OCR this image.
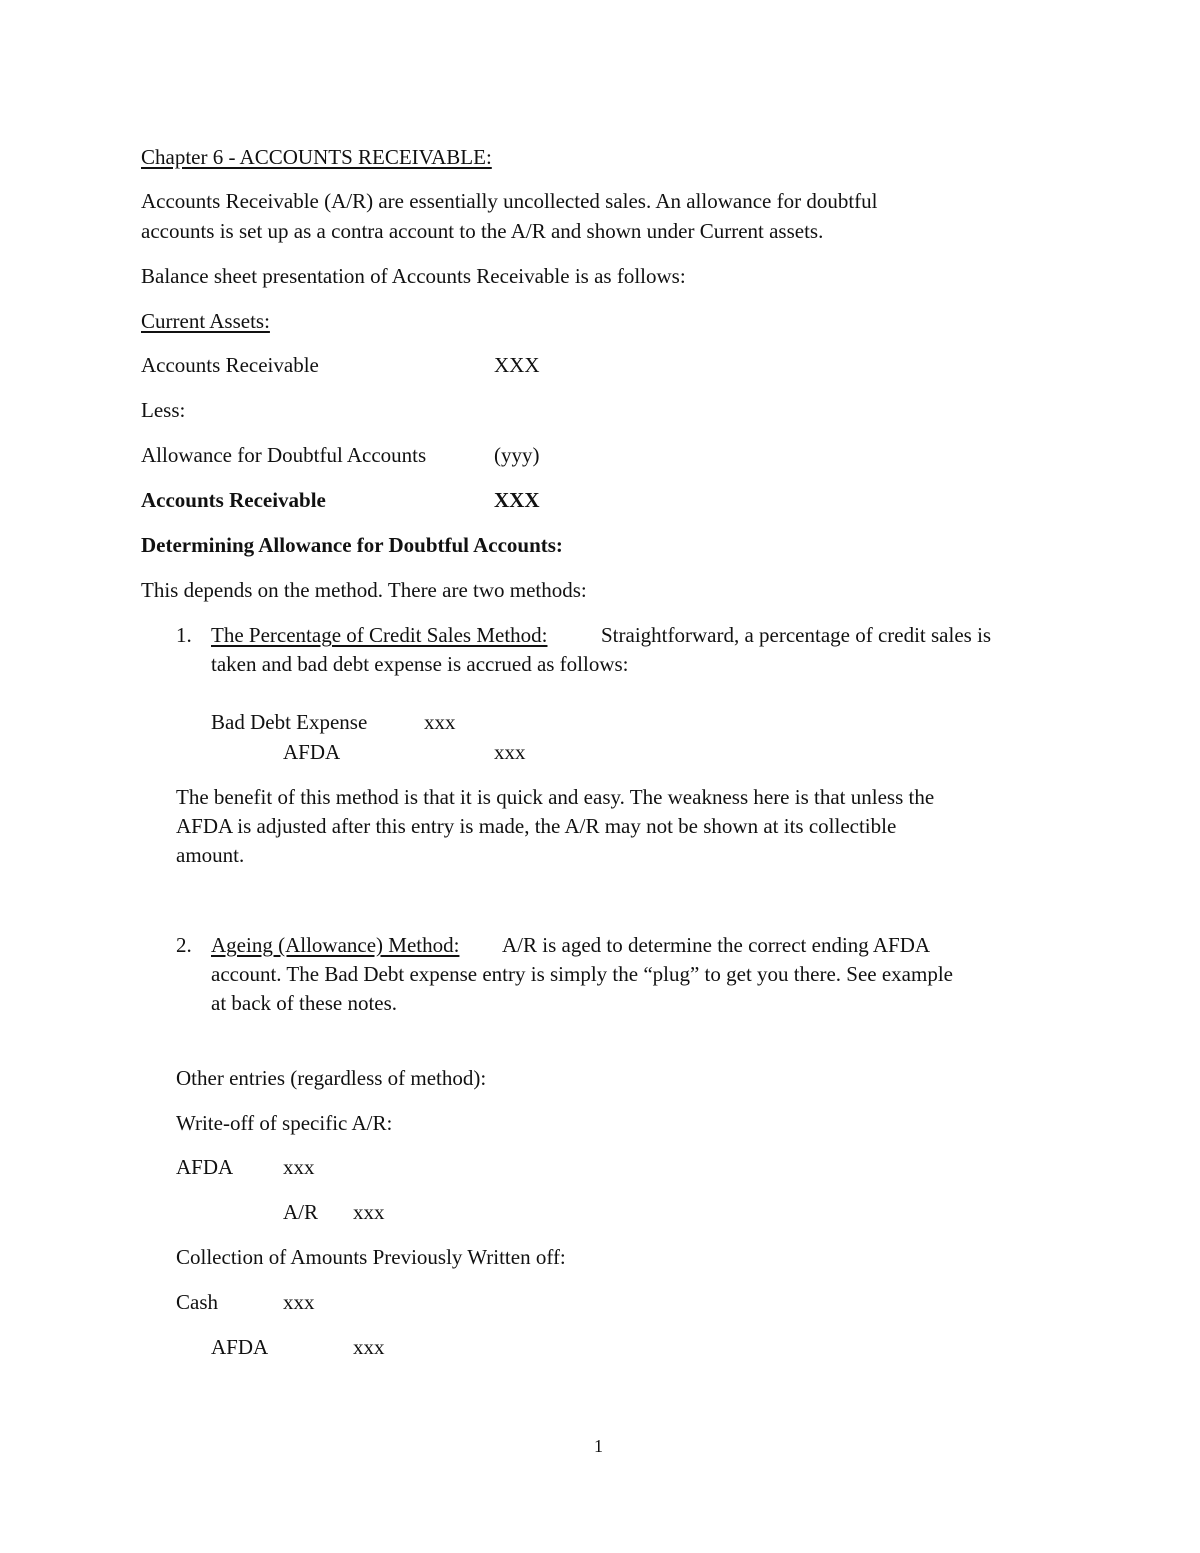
Chapter 6 - ACCOUNTS RECEIVABLE:
Accounts Receivable (A/R) are essentially uncollected sales. An allowance for doubtful
accounts is set up as a contra account to the A/R and shown under Current assets.
Balance sheet presentation of Accounts Receivable is as follows:
Current Assets:
Accounts Receivable	XXX
Less:
Allowance for Doubtful Accounts	(yyy)
Accounts Receivable	XXX
Determining Allowance for Doubtful Accounts:
This depends on the method. There are two methods:
1. The Percentage of Credit Sales Method:	Straightforward, a percentage of credit sales is
taken and bad debt expense is accrued as follows:
Bad Debt Expense	xxx
AFDA	xxx
The benefit of this method is that it is quick and easy. The weakness here is that unless the
AFDA is adjusted after this entry is made, the A/R may not be shown at its collectible
amount.
2. Ageing (Allowance) Method: A/R is aged to determine the correct ending AFDA
account. The Bad Debt expense entry is simply the “plug” to get you there. See example
at back of these notes.
Other entries (regardless of method):
Write-off of specific A/R:
AFDA xxx
A/R xxx
Collection of Amounts Previously Written off:
Cash	xxx
AFDA	xxx
1
